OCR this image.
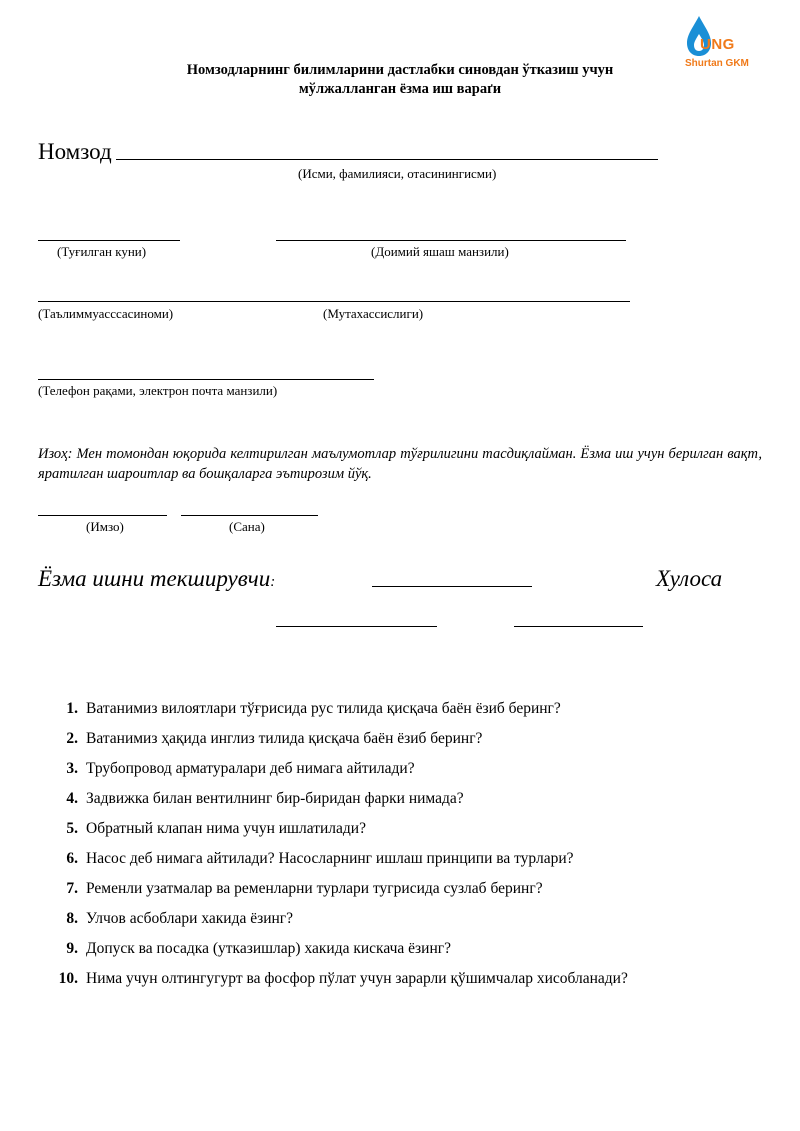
UNG
Shurtan GKM
Номзодларнинг билимларини дастлабки синовдан ўтказиш учун
мўлжалланган ёзма иш вараґи
Номзод
(Исми, фамилияси, отасинингисми)
(Туғилган куни)	(Доимий яшаш манзили)
(Таълиммуасссасиноми)	(Мутахассислиги)
(Телефон рақами, электрон почта манзили)
Изоҳ: Мен томондан юқорида келтирилган маълумотлар тўғрилигини тасдиқлайман. Ёзма иш учун берилган вақт, яратилган шароитлар ва бошқаларга эътирозим йўқ.
(Имзо)	(Сана)
Ёзма ишни текширувчи:	Хулоса
1. Ватанимиз вилоятлари тўғрисида рус тилида қисқача баён ёзиб беринг?
2. Ватанимиз ҳақида инглиз тилида қисқача баён ёзиб беринг?
3. Трубопровод арматуралари деб нимага айтилади?
4. Задвижка билан вентилнинг бир-биридан фарки нимада?
5. Обратный клапан нима учун ишлатилади?
6. Насос деб нимага айтилади? Насосларнинг ишлаш принципи ва турлари?
7. Ременли узатмалар ва ременларни турлари тугрисида сузлаб беринг?
8. Улчов асбоблари хакида ёзинг?
9. Допуск ва посадка (утказишлар) хакида кискача ёзинг?
10. Нима учун олтингугурт ва фосфор пўлат учун зарарли қўшимчалар хисобланади?
